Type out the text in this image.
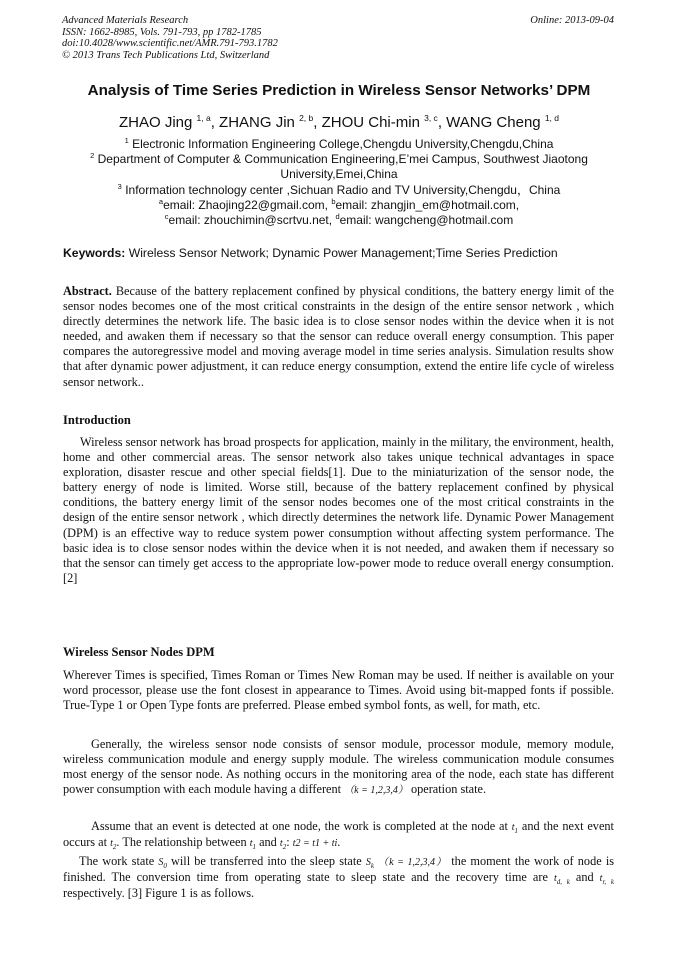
Advanced Materials Research
ISSN: 1662-8985, Vols. 791-793, pp 1782-1785
doi:10.4028/www.scientific.net/AMR.791-793.1782
© 2013 Trans Tech Publications Ltd, Switzerland
Online: 2013-09-04
Analysis of Time Series Prediction in Wireless Sensor Networks’ DPM
ZHAO Jing $^{1, a}$, ZHANG Jin $^{2, b}$, ZHOU Chi-min $^{3, c}$, WANG Cheng $^{1, d}$
$^1$ Electronic Information Engineering College,Chengdu University,Chengdu,China
$^2$ Department of Computer & Communication Engineering,E’mei Campus, Southwest Jiaotong University,Emei,China
$^3$ Information technology center ,Sichuan Radio and TV University,Chengdu，China
$^a$email: Zhaojing22@gmail.com, $^b$email: zhangjin_em@hotmail.com,
$^c$email: zhouchimin@scrtvu.net, $^d$email: wangcheng@hotmail.com
Keywords: Wireless Sensor Network; Dynamic Power Management;Time Series Prediction
Abstract. Because of the battery replacement confined by physical conditions, the battery energy limit of the sensor nodes becomes one of the most critical constraints in the design of the entire sensor network , which directly determines the network life. The basic idea is to close sensor nodes within the device when it is not needed, and awaken them if necessary so that the sensor can reduce overall energy consumption. This paper compares the autoregressive model and moving average model in time series analysis. Simulation results show that after dynamic power adjustment, it can reduce energy consumption, extend the entire life cycle of wireless sensor network..
Introduction
Wireless sensor network has broad prospects for application, mainly in the military, the environment, health, home and other commercial areas. The sensor network also takes unique technical advantages in space exploration, disaster rescue and other special fields[1]. Due to the miniaturization of the sensor node, the battery energy of node is limited. Worse still, because of the battery replacement confined by physical conditions, the battery energy limit of the sensor nodes becomes one of the most critical constraints in the design of the entire sensor network , which directly determines the network life. Dynamic Power Management (DPM) is an effective way to reduce system power consumption without affecting system performance. The basic idea is to close sensor nodes within the device when it is not needed, and awaken them if necessary so that the sensor can timely get access to the appropriate low-power mode to reduce overall energy consumption. [2]
Wireless Sensor Nodes DPM
Wherever Times is specified, Times Roman or Times New Roman may be used. If neither is available on your word processor, please use the font closest in appearance to Times. Avoid using bit-mapped fonts if possible. True-Type 1 or Open Type fonts are preferred. Please embed symbol fonts, as well, for math, etc.
Generally, the wireless sensor node consists of sensor module, processor module, memory module, wireless communication module and energy supply module. The wireless communication module consumes most energy of the sensor node. As nothing occurs in the monitoring area of the node, each state has different power consumption with each module having a different （k = 1,2,3,4） operation state.
Assume that an event is detected at one node, the work is completed at the node at $t_1$ and the next event occurs at $t_2$. The relationship between $t_1$ and $t_2$: t2 = t1 + ti.
The work state $S_0$ will be transferred into the sleep state $S_k$ （k = 1,2,3,4） the moment the work of node is finished. The conversion time from operating state to sleep state and the recovery time are $t_{d, k}$ and $t_{r, k}$ respectively. [3] Figure 1 is as follows.
